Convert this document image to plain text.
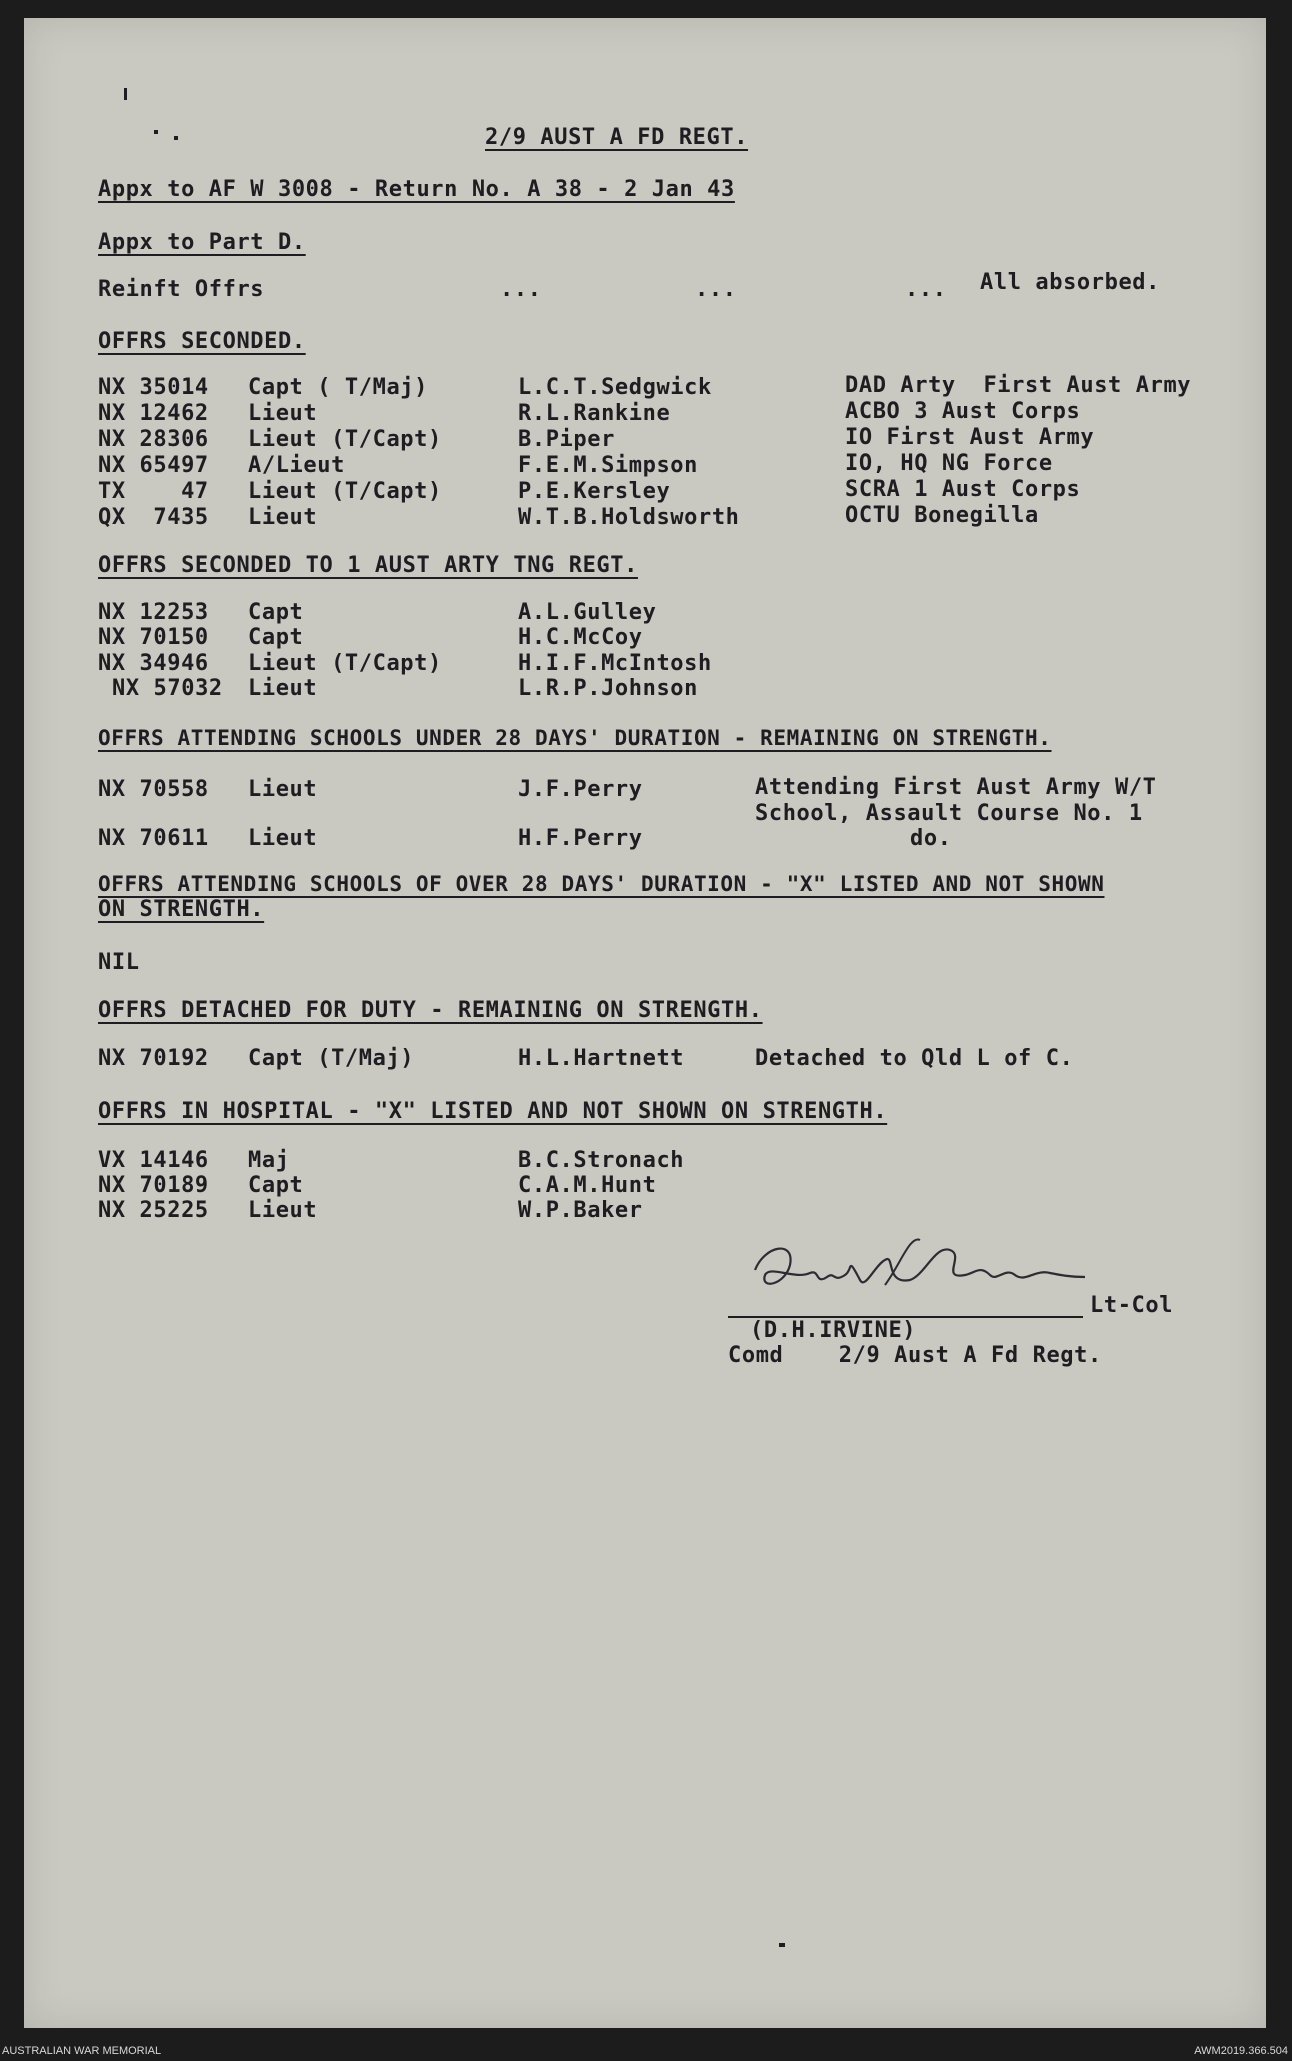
2/9 AUST A FD REGT.
Appx to AF W 3008 - Return No. A 38 - 2 Jan 43
Appx to Part D.
Reinft Offrs	...	...	... All absorbed.
OFFRS SECONDED.
NX 35014 Capt ( T/Maj)	L.C.T.Sedgwick	DAD Arty  First Aust Army
NX 12462 Lieut	R.L.Rankine	ACBO 3 Aust Corps
NX 28306 Lieut (T/Capt)	B.Piper	IO First Aust Army
NX 65497 A/Lieut	F.E.M.Simpson	IO, HQ NG Force
TX    47 Lieut (T/Capt)	P.E.Kersley	SCRA 1 Aust Corps
QX  7435 Lieut	W.T.B.Holdsworth	OCTU Bonegilla
OFFRS SECONDED TO 1 AUST ARTY TNG REGT.
NX 12253 Capt	A.L.Gulley
NX 70150 Capt	H.C.McCoy
NX 34946 Lieut (T/Capt)	H.I.F.McIntosh
NX 57032 Lieut	L.R.P.Johnson
OFFRS ATTENDING SCHOOLS UNDER 28 DAYS' DURATION - REMAINING ON STRENGTH.
NX 70558 Lieut	J.F.Perry	Attending First Aust Army W/T
School, Assault Course No. 1
NX 70611 Lieut	H.F.Perry	do.
OFFRS ATTENDING SCHOOLS OF OVER 28 DAYS' DURATION - "X" LISTED AND NOT SHOWN
ON STRENGTH.
NIL
OFFRS DETACHED FOR DUTY - REMAINING ON STRENGTH.
NX 70192 Capt (T/Maj)	H.L.Hartnett	Detached to Qld L of C.
OFFRS IN HOSPITAL - "X" LISTED AND NOT SHOWN ON STRENGTH.
VX 14146 Maj	B.C.Stronach
NX 70189 Capt	C.A.M.Hunt
NX 25225 Lieut	W.P.Baker
Lt-Col
(D.H.IRVINE)
Comd    2/9 Aust A Fd Regt.
AUSTRALIAN WAR MEMORIAL	AWM2019.366.504
